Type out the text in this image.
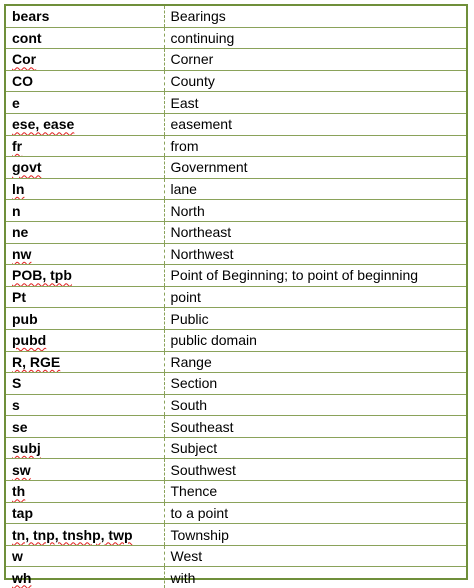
bears	Bearings
cont	continuing
Cor	Corner
CO	County
e	East
ese, ease	easement
fr	from
govt	Government
ln	lane
n	North
ne	Northeast
nw	Northwest
POB, tpb	Point of Beginning; to point of beginning
Pt	point
pub	Public
pubd	public domain
R, RGE	Range
S	Section
s	South
se	Southeast
subj	Subject
sw	Southwest
th	Thence
tap	to a point
tn, tnp, tnshp, twp	Township
w	West
wh	with
